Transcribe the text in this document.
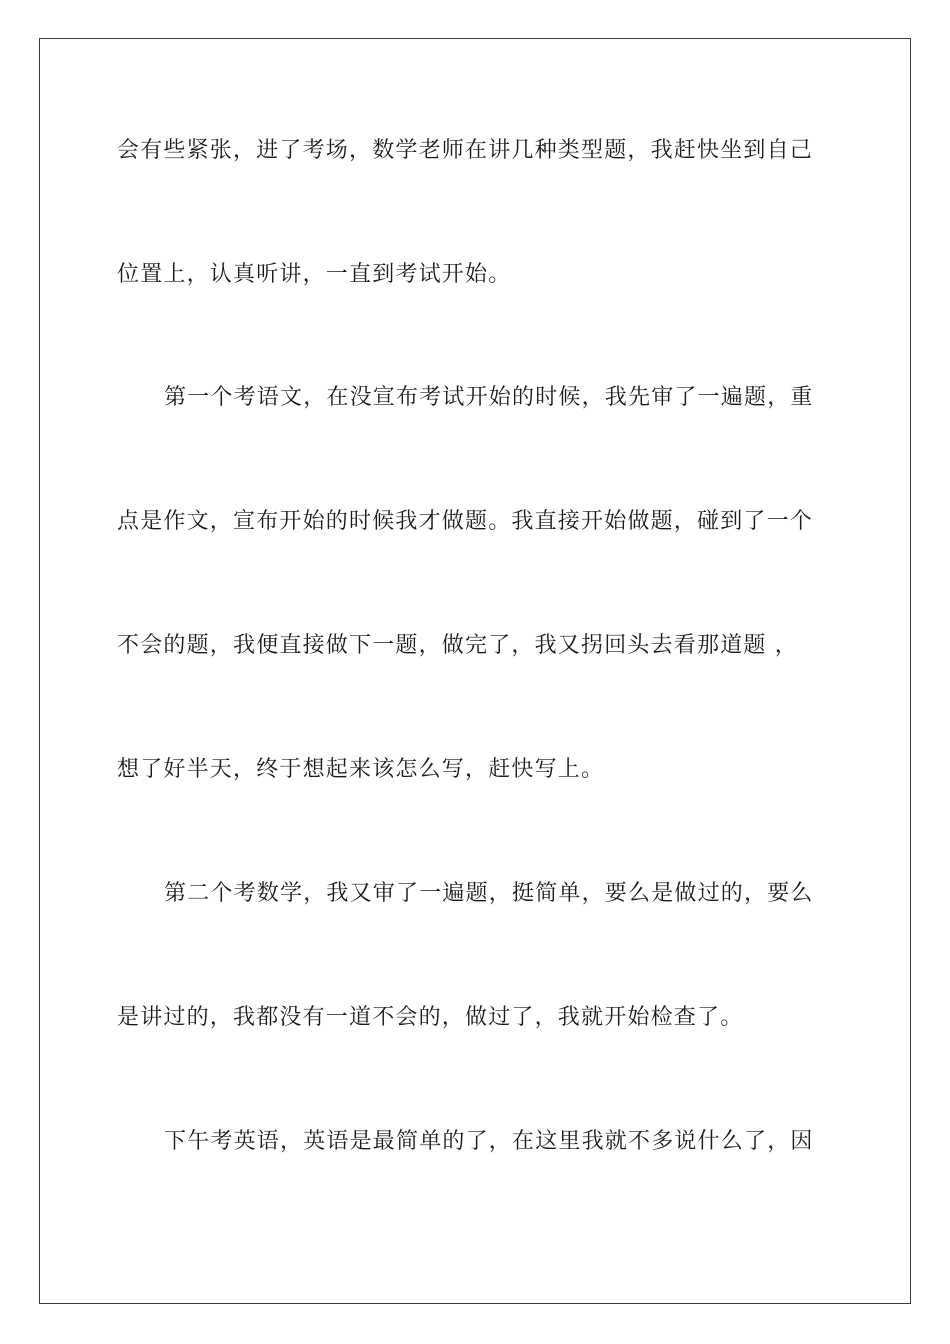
会有些紧张，进了考场，数学老师在讲几种类型题，我赶快坐到自己
位置上，认真听讲，一直到考试开始。
第一个考语文，在没宣布考试开始的时候，我先审了一遍题，重
点是作文，宣布开始的时候我才做题。我直接开始做题，碰到了一个
不会的题，我便直接做下一题，做完了，我又拐回头去看那道题 ，
想了好半天，终于想起来该怎么写，赶快写上。
第二个考数学，我又审了一遍题，挺简单，要么是做过的，要么
是讲过的，我都没有一道不会的，做过了，我就开始检查了。
下午考英语，英语是最简单的了，在这里我就不多说什么了，因
